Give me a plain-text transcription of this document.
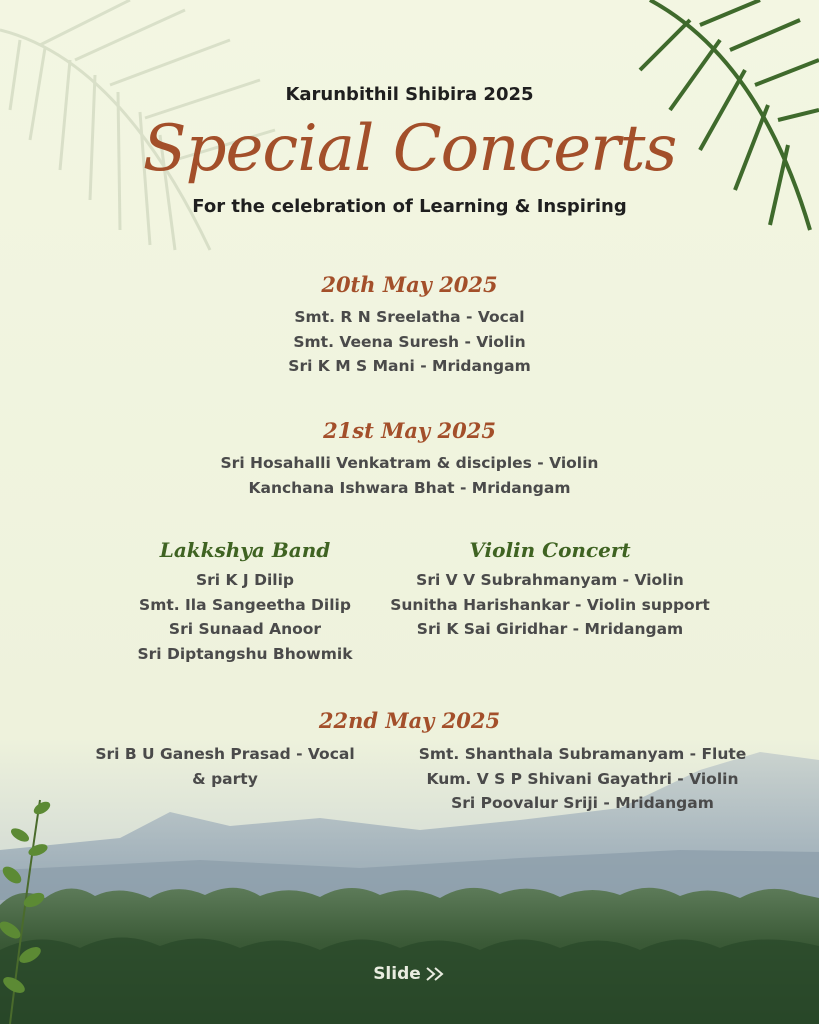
Karunbithil Shibira 2025
Special Concerts
For the celebration of Learning & Inspiring
20th May 2025
Smt. R N Sreelatha - Vocal
Smt. Veena Suresh - Violin
Sri K M S Mani - Mridangam
21st May 2025
Sri Hosahalli Venkatram & disciples - Violin
Kanchana Ishwara Bhat - Mridangam
Lakkshya Band
Sri K J Dilip
Smt. Ila Sangeetha Dilip
Sri Sunaad Anoor
Sri Diptangshu Bhowmik
Violin Concert
Sri V V Subrahmanyam - Violin
Sunitha Harishankar - Violin support
Sri K Sai Giridhar - Mridangam
22nd May 2025
Sri B U Ganesh Prasad - Vocal
& party
Smt. Shanthala Subramanyam - Flute
Kum. V S P Shivani Gayathri - Violin
Sri Poovalur Sriji - Mridangam
Slide
